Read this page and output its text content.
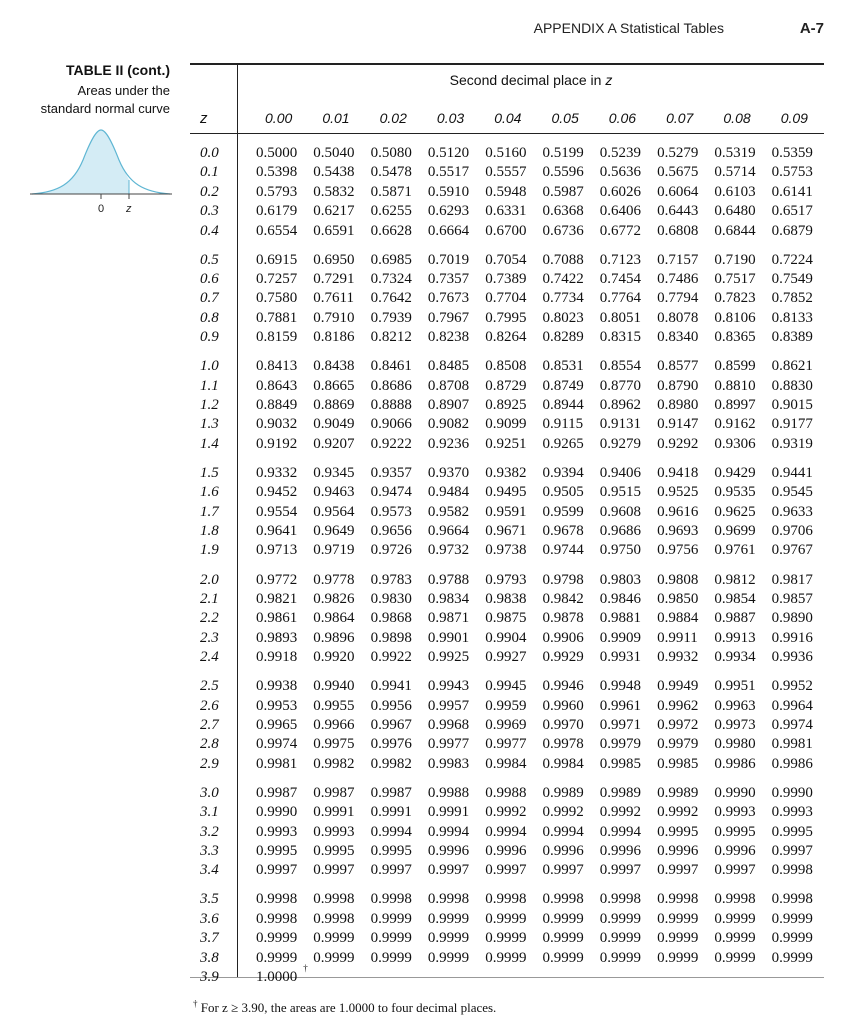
APPENDIX A Statistical Tables	A-7
TABLE II (cont.)
Areas under the
standard normal curve
0 z
Second decimal place in z
z	0.00	0.01	0.02	0.03	0.04	0.05	0.06	0.07	0.08	0.09
0.0	0.5000	0.5040	0.5080	0.5120	0.5160	0.5199	0.5239	0.5279	0.5319	0.5359
0.1	0.5398	0.5438	0.5478	0.5517	0.5557	0.5596	0.5636	0.5675	0.5714	0.5753
0.2	0.5793	0.5832	0.5871	0.5910	0.5948	0.5987	0.6026	0.6064	0.6103	0.6141
0.3	0.6179	0.6217	0.6255	0.6293	0.6331	0.6368	0.6406	0.6443	0.6480	0.6517
0.4	0.6554	0.6591	0.6628	0.6664	0.6700	0.6736	0.6772	0.6808	0.6844	0.6879
0.5	0.6915	0.6950	0.6985	0.7019	0.7054	0.7088	0.7123	0.7157	0.7190	0.7224
0.6	0.7257	0.7291	0.7324	0.7357	0.7389	0.7422	0.7454	0.7486	0.7517	0.7549
0.7	0.7580	0.7611	0.7642	0.7673	0.7704	0.7734	0.7764	0.7794	0.7823	0.7852
0.8	0.7881	0.7910	0.7939	0.7967	0.7995	0.8023	0.8051	0.8078	0.8106	0.8133
0.9	0.8159	0.8186	0.8212	0.8238	0.8264	0.8289	0.8315	0.8340	0.8365	0.8389
1.0	0.8413	0.8438	0.8461	0.8485	0.8508	0.8531	0.8554	0.8577	0.8599	0.8621
1.1	0.8643	0.8665	0.8686	0.8708	0.8729	0.8749	0.8770	0.8790	0.8810	0.8830
1.2	0.8849	0.8869	0.8888	0.8907	0.8925	0.8944	0.8962	0.8980	0.8997	0.9015
1.3	0.9032	0.9049	0.9066	0.9082	0.9099	0.9115	0.9131	0.9147	0.9162	0.9177
1.4	0.9192	0.9207	0.9222	0.9236	0.9251	0.9265	0.9279	0.9292	0.9306	0.9319
1.5	0.9332	0.9345	0.9357	0.9370	0.9382	0.9394	0.9406	0.9418	0.9429	0.9441
1.6	0.9452	0.9463	0.9474	0.9484	0.9495	0.9505	0.9515	0.9525	0.9535	0.9545
1.7	0.9554	0.9564	0.9573	0.9582	0.9591	0.9599	0.9608	0.9616	0.9625	0.9633
1.8	0.9641	0.9649	0.9656	0.9664	0.9671	0.9678	0.9686	0.9693	0.9699	0.9706
1.9	0.9713	0.9719	0.9726	0.9732	0.9738	0.9744	0.9750	0.9756	0.9761	0.9767
2.0	0.9772	0.9778	0.9783	0.9788	0.9793	0.9798	0.9803	0.9808	0.9812	0.9817
2.1	0.9821	0.9826	0.9830	0.9834	0.9838	0.9842	0.9846	0.9850	0.9854	0.9857
2.2	0.9861	0.9864	0.9868	0.9871	0.9875	0.9878	0.9881	0.9884	0.9887	0.9890
2.3	0.9893	0.9896	0.9898	0.9901	0.9904	0.9906	0.9909	0.9911	0.9913	0.9916
2.4	0.9918	0.9920	0.9922	0.9925	0.9927	0.9929	0.9931	0.9932	0.9934	0.9936
2.5	0.9938	0.9940	0.9941	0.9943	0.9945	0.9946	0.9948	0.9949	0.9951	0.9952
2.6	0.9953	0.9955	0.9956	0.9957	0.9959	0.9960	0.9961	0.9962	0.9963	0.9964
2.7	0.9965	0.9966	0.9967	0.9968	0.9969	0.9970	0.9971	0.9972	0.9973	0.9974
2.8	0.9974	0.9975	0.9976	0.9977	0.9977	0.9978	0.9979	0.9979	0.9980	0.9981
2.9	0.9981	0.9982	0.9982	0.9983	0.9984	0.9984	0.9985	0.9985	0.9986	0.9986
3.0	0.9987	0.9987	0.9987	0.9988	0.9988	0.9989	0.9989	0.9989	0.9990	0.9990
3.1	0.9990	0.9991	0.9991	0.9991	0.9992	0.9992	0.9992	0.9992	0.9993	0.9993
3.2	0.9993	0.9993	0.9994	0.9994	0.9994	0.9994	0.9994	0.9995	0.9995	0.9995
3.3	0.9995	0.9995	0.9995	0.9996	0.9996	0.9996	0.9996	0.9996	0.9996	0.9997
3.4	0.9997	0.9997	0.9997	0.9997	0.9997	0.9997	0.9997	0.9997	0.9997	0.9998
3.5	0.9998	0.9998	0.9998	0.9998	0.9998	0.9998	0.9998	0.9998	0.9998	0.9998
3.6	0.9998	0.9998	0.9999	0.9999	0.9999	0.9999	0.9999	0.9999	0.9999	0.9999
3.7	0.9999	0.9999	0.9999	0.9999	0.9999	0.9999	0.9999	0.9999	0.9999	0.9999
3.8	0.9999	0.9999	0.9999	0.9999	0.9999	0.9999	0.9999	0.9999	0.9999	0.9999
3.9	1.0000
†
† For z ≥ 3.90, the areas are 1.0000 to four decimal places.
